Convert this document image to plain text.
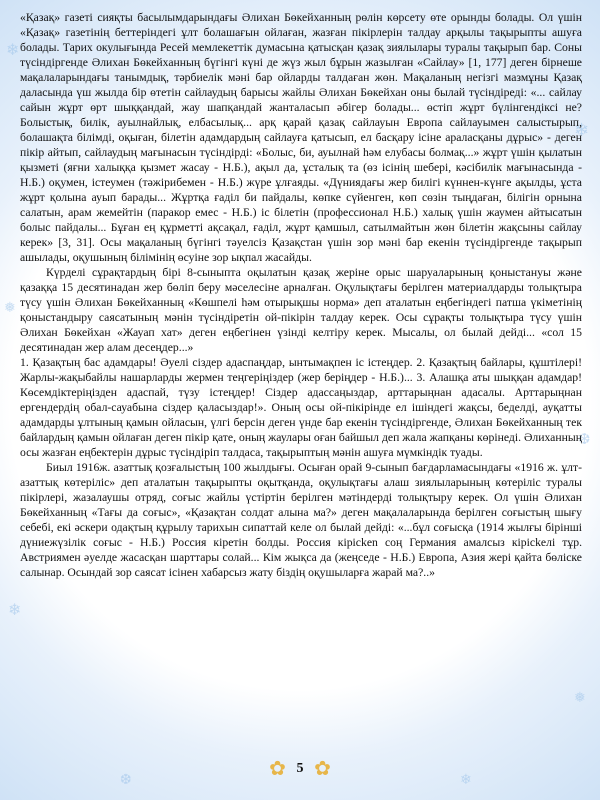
❄
❄
❅
❆
❄
❅
❆	❄

«Қазақ» газеті сияқты басылымдарындағы Әлихан Бөкейханның рөлін көрсету өте орынды болады. Ол үшін «Қазақ» газетінің беттеріндегі ұлт болашағын ойлаған, жазған пікірлерін талдау арқылы тақырыпты ашуға болады. Тарих окулығында Ресей мемлекеттік думасына қатысқан қазақ зиялылары туралы тақырып бар. Соны түсіндіргенде Әлихан Бөкейханның бүгінгі күні де жүз жыл бұрын жазылған «Сайлау» [1, 177] деген бірнеше мақалаларындағы танымдық, тәрбиелік мәні бар ойларды талдаған жөн. Мақаланың негізгі мазмұны Қазақ даласында үш жылда бір өтетін сайлаудың барысы жайлы Әлихан Бөкейхан оны былай түсіндіреді: «... сайлау сайын жұрт өрт шыққандай, жау шапқандай жанталасып әбігер болады... өстіп жұрт бүлінгендіксі не? Болыстық, билік, ауылнайлық, елбасылық... арқ қарай қазақ сайлауын Европа сайлауымен салыстырып, болашақта білімді, оқыған, білетін адамдардың сайлауға қатысып, ел басқару ісіне араласқаны дұрыс» - деген пікір айтып, сайлаудың мағынасын түсіндірді: «Болыс, би, ауылнай һәм елубасы болмақ...» жұрт үшін қылатын қызметі (яғни халыққа қызмет жасау - Н.Б.), ақыл да, ұсталық та (өз ісінің шебері, кәсібилік мағынасында - Н.Б.) оқумен, істеумен (тәжірибемен - Н.Б.) жүре ұлғаяды. «Дүниядағы жер билігі күннен-күнге ақылды, ұста жұрт қолына ауып барады... Жұртқа ғаділ би пайдалы, көпке сүйенген, көп сөзін тыңдаған, білігін орнына салатын, арам жемейтін (паракор емес - Н.Б.) іс білетін (профессионал Н.Б.) халық үшін жаумен айтысатын болыс пайдалы... Бұған ең құрметті ақсақал, ғаділ, жұрт қамшыл, сатылмайтын жөн білетін жақсыны сайлау керек» [3, 31]. Осы мақаланың бүгінгі тәуелсіз Қазақстан үшін зор мәні бар екенін түсіндіргенде тақырып ашылады, оқушының білімінің өсуіне зор ықпал жасайды.

Күрделі сұрақтардың бірі 8-сыныпта оқылатын қазақ жеріне орыс шаруаларының қоныстануы және қазаққа 15 десятинадан жер бөліп беру мәселесіне арналған. Оқулықтағы берілген материалдарды толықтыра түсу үшін Әлихан Бөкейханның «Көшпелі һәм отырықшы норма» деп аталатын еңбегіндегі патша үкіметінің қоныстандыру саясатының мәнін түсіндіретін ой-пікірін талдау керек. Осы сұрақты толықтыра түсу үшін Әлихан Бөкейхан «Жауап хат» деген еңбегінен үзінді келтіру керек. Мысалы, ол былай дейді... «сол 15 десятинадан жер алам десеңдер...»

1. Қазақтың бас адамдары! Әуелі сіздер адаспаңдар, ынтымақпен іс істеңдер. 2. Қазақтың байлары, құштілері! Жарлы-жақыбайлы нашарларды жермен теңгеріңіздер (жер беріңдер - Н.Б.)... 3. Алашқа аты шыққан адамдар! Көсемдіктеріңізден адаспай, түзу істеңдер! Сіздер адассаңыздар, арттарыңнан адасалы. Арттарыңнан ергендердің обал-сауабына сіздер қаласыздар!». Оның осы ой-пікірінде ел ішіндегі жақсы, беделді, ауқатты адамдарды ұлтының қамын ойласын, үлгі берсін деген үнде бар екенін түсіндіргенде, Әлихан Бөкейханның тек байлардың қамын ойлаған деген пікір қате, оның жаулары оған байшыл деп жала жапқаны көрінеді. Әлиханның осы жазған еңбектерін дұрыс түсіндіріп талдаса, тақырыптың мәнін ашуға мүмкіндік туады.

Биыл 1916ж. азаттық қозғалыстың 100 жылдығы. Осыған орай 9-сынып бағдарламасындағы «1916 ж. ұлт-азаттық көтеріліс» деп аталатын тақырыпты оқытқанда, оқулықтағы алаш зиялыларының көтеріліс туралы пікірлері, жазалаушы отряд, соғыс жайлы үстіртін берілген мәтіндерді толықтыру керек. Ол үшін Әлихан Бөкейханның «Тағы да соғыс», «Қазақтан солдат алына ма?» деген мақалаларында берілген соғыстың шығу себебі, екі әскери одақтың құрылу тарихын сипаттай келе ол былай дейді: «...бұл соғысқа (1914 жылғы бірінші дүниежүзілік соғыс - Н.Б.) Россия кіретін болды. Россия кірісken соң Германия амалсыз кірісkeлі тұр. Австриямен әуелде жасасқан шарттары солай... Кім жықса да (жеңседе - Н.Б.) Европа, Азия жері қайта бөліске салынар. Осындай зор саясат ісінен хабарсыз жату біздің оқушыларға жарай ма?..»

✿ 5 ✿
